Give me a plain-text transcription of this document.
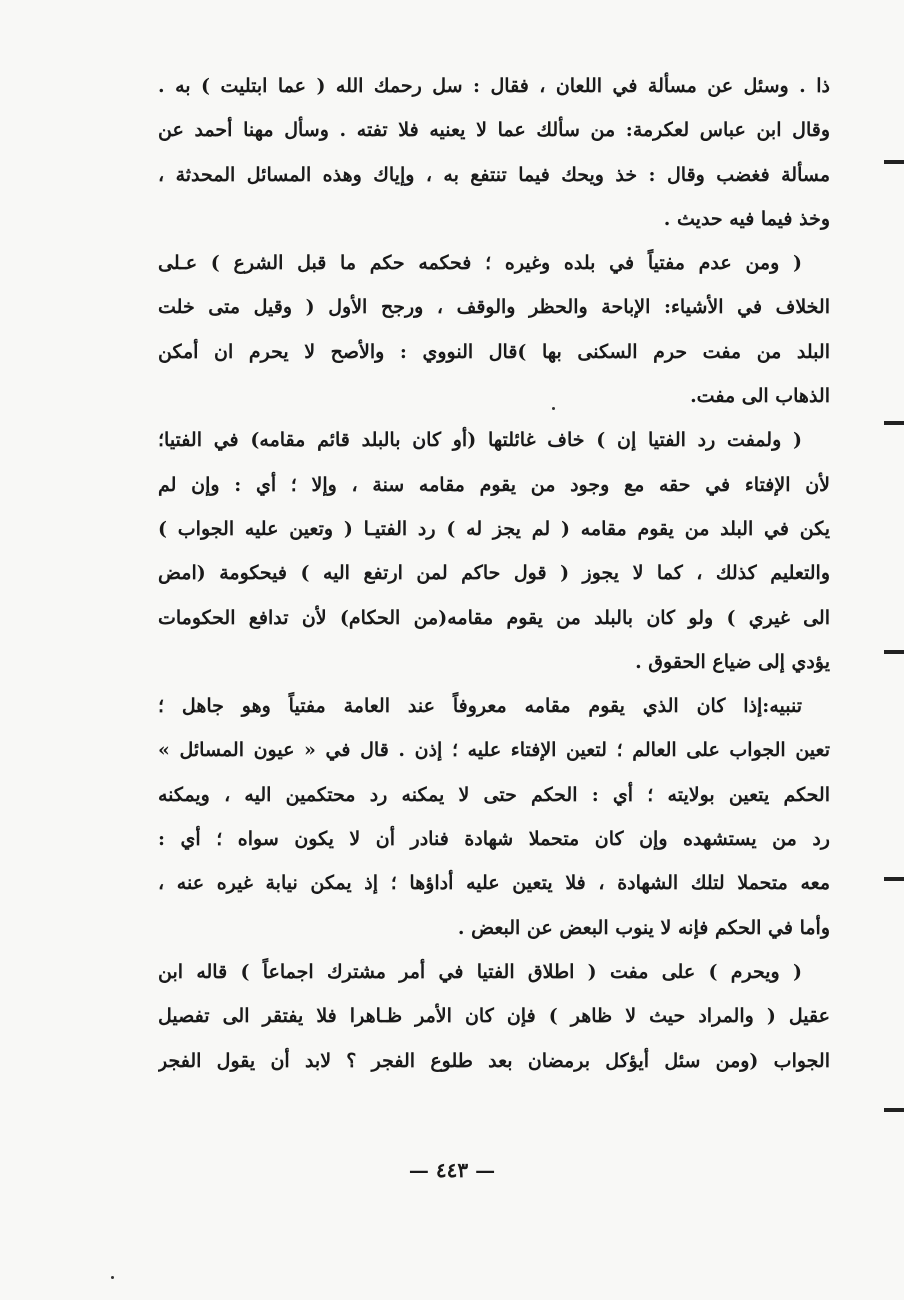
ذا . وسئل عن مسألة في اللعان ، فقال : سل رحمك الله ( عما ابتليت ) به .
وقال ابن عباس لعكرمة: من سألك عما لا يعنيه فلا تفته . وسأل مهنا أحمد عن
مسألة فغضب وقال : خذ ويحك فيما تنتفع به ، وإياك وهذه المسائل المحدثة ،
وخذ فيما فيه حديث .
( ومن عدم مفتياً في بلده وغيره ؛ فحكمه حكم ما قبل الشرع ) عـلى
الخلاف في الأشياء: الإباحة والحظر والوقف ، ورجح الأول ( وقيل متى خلت
البلد من مفت حرم السكنى بها )قال النووي : والأصح لا يحرم ان أمكن
الذهاب الى مفت.
( ولمفت رد الفتيا إن ) خاف غائلتها (أو كان بالبلد قائم مقامه) في الفتيا؛
لأن الإفتاء في حقه مع وجود من يقوم مقامه سنة ، وإلا ؛ أي : وإن لم
يكن في البلد من يقوم مقامه ( لم يجز له ) رد الفتيـا ( وتعين عليه الجواب )
والتعليم كذلك ، كما لا يجوز ( قول حاكم لمن ارتفع اليه ) فيحكومة (امض
الى غيري ) ولو كان بالبلد من يقوم مقامه(من الحكام) لأن تدافع الحكومات
يؤدي إلى ضياع الحقوق .
تنبيه:إذا كان الذي يقوم مقامه معروفاً عند العامة مفتياً وهو جاهل ؛
تعين الجواب على العالم ؛ لتعين الإفتاء عليه ؛ إذن . قال في « عيون المسائل »
الحكم يتعين بولايته ؛ أي : الحكم حتى لا يمكنه رد محتكمين اليه ، ويمكنه
رد من يستشهده وإن كان متحملا شهادة فنادر أن لا يكون سواه ؛ أي :
معه متحملا لتلك الشهادة ، فلا يتعين عليه أداؤها ؛ إذ يمكن نيابة غيره عنه ،
وأما في الحكم فإنه لا ينوب البعض عن البعض .
( ويحرم ) على مفت ( اطلاق الفتيا في أمر مشترك اجماعاً ) قاله ابن
عقيل ( والمراد حيث لا ظاهر ) فإن كان الأمر ظـاهرا فلا يفتقر الى تفصيل
الجواب (ومن سئل أيؤكل برمضان بعد طلوع الفجر ؟ لابد أن يقول الفجر
— ٤٤٣ —
